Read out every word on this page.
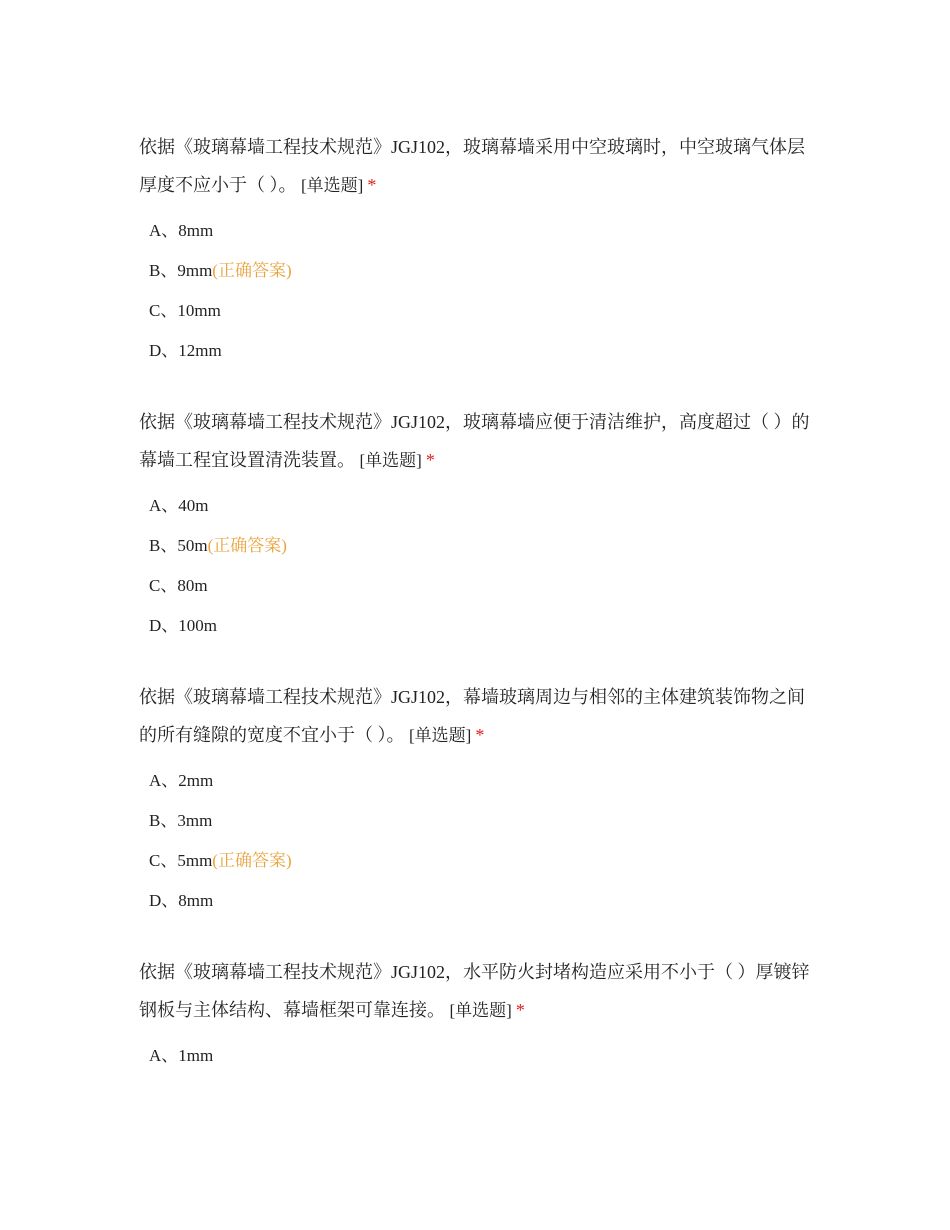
依据《玻璃幕墙工程技术规范》JGJ102，玻璃幕墙采用中空玻璃时，中空玻璃气体层厚度不应小于（ ）。 [单选题] *

A、8mm
B、9mm(正确答案)
C、10mm
D、12mm

依据《玻璃幕墙工程技术规范》JGJ102，玻璃幕墙应便于清洁维护，高度超过（ ）的幕墙工程宜设置清洗装置。 [单选题] *

A、40m
B、50m(正确答案)
C、80m
D、100m

依据《玻璃幕墙工程技术规范》JGJ102，幕墙玻璃周边与相邻的主体建筑装饰物之间的所有缝隙的宽度不宜小于（ ）。 [单选题] *

A、2mm
B、3mm
C、5mm(正确答案)
D、8mm

依据《玻璃幕墙工程技术规范》JGJ102，水平防火封堵构造应采用不小于（ ）厚镀锌钢板与主体结构、幕墙框架可靠连接。 [单选题] *

A、1mm
